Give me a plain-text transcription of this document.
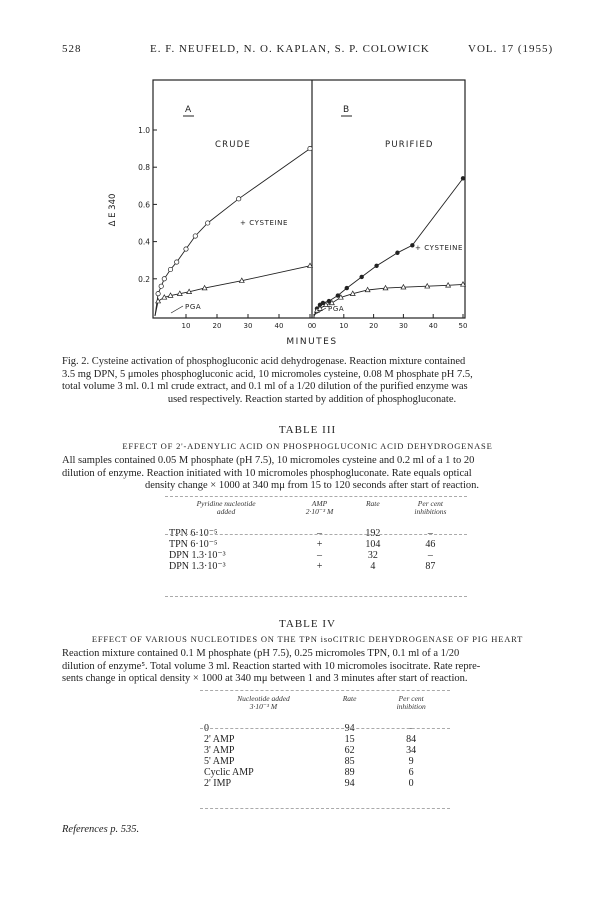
528	E. F. NEUFELD, N. O. KAPLAN, S. P. COLOWICK	VOL. 17 (1955)
0.2
0.4
0.6
0.8
1.0
Δ E 340
MINUTES
A
CRUDE
10	20	30	40	0
+ CYSTEINE
PGA
B
PURIFIED
0	10	20	30	40	50
+ CYSTEINE
PGA
Fig. 2. Cysteine activation of phosphogluconic acid dehydrogenase. Reaction mixture contained
3.5 mg DPN, 5 μmoles phosphogluconic acid, 10 micromoles cysteine, 0.08 M phosphate pH 7.5,
total volume 3 ml. 0.1 ml crude extract, and 0.1 ml of a 1/20 dilution of the purified enzyme was

used respectively. Reaction started by addition of phosphogluconate.
TABLE III
EFFECT OF 2'-ADENYLIC ACID ON PHOSPHOGLUCONIC ACID DEHYDROGENASE
All samples contained 0.05 M phosphate (pH 7.5), 10 micromoles cysteine and 0.2 ml of a 1 to 20
dilution of enzyme. Reaction initiated with 10 micromoles phosphogluconate. Rate equals optical

density change × 1000 at 340 mμ from 15 to 120 seconds after start of reaction.
Pyridine nucleotide	AMP	Rate	Per cent
added	2·10⁻³ M		inhibitions

TPN 6·10⁻⁵	–	192	–
TPN 6·10⁻⁵	+	104	46
DPN 1.3·10⁻³	–	32	–
DPN 1.3·10⁻³	+	4	87
TABLE IV
EFFECT OF VARIOUS NUCLEOTIDES ON THE TPN isoCITRIC DEHYDROGENASE OF PIG HEART
Reaction mixture contained 0.1 M phosphate (pH 7.5), 0.25 micromoles TPN, 0.1 ml of a 1/20
dilution of enzyme⁵. Total volume 3 ml. Reaction started with 10 micromoles isocitrate. Rate repre-
sents change in optical density × 1000 at 340 mμ between 1 and 3 minutes after start of reaction.
Nucleotide added	Rate	Per cent
3·10⁻³ M		inhibition

0	94	–
2' AMP	15	84
3' AMP	62	34
5' AMP	85	9
Cyclic AMP	89	6
2' IMP	94	0
References p. 535.
